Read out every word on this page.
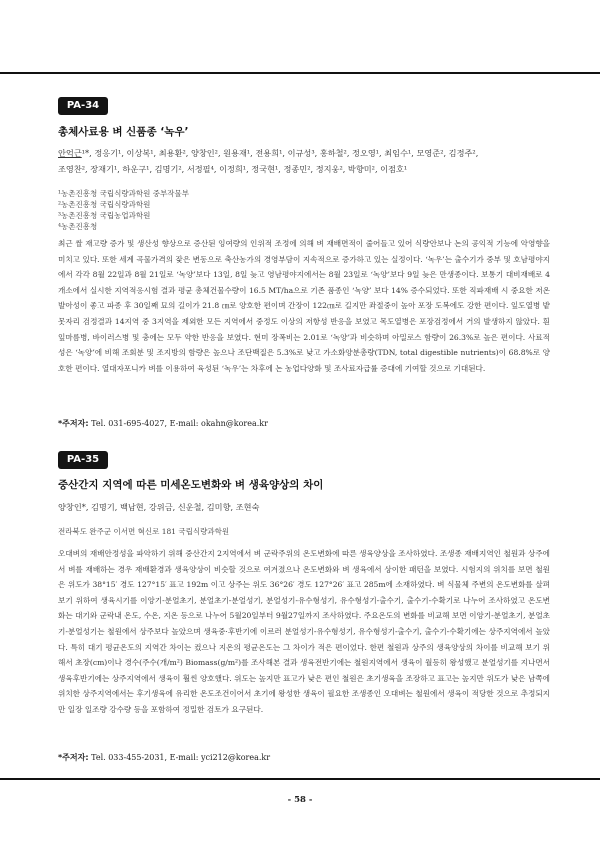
PA-34
총체사료용 벼 신품종 ‘녹우’
안억근¹*, 정응기¹, 이상복¹, 최용환², 양창인², 원용재¹, 전용희¹, 이규성³, 홍하철², 정오영¹, 최임수¹, 모영준², 김정주²,
조영찬², 장재기¹, 하운구¹, 김명기², 서정필⁴, 이정희¹, 정국현¹, 정종민², 정지웅², 박향미², 이점호¹
¹농촌진흥청 국립식량과학원 중부작물부
²농촌진흥청 국립식량과학원
³농촌진흥청 국립농업과학원
⁴농촌진흥청
최근 쌀 재고량 증가 및 생산성 향상으로 증산된 잉여량의 인위적 조정에 의해 벼 재배면적이 줄어들고 있어 식량안보나 논의 공익적 기능에 악영향을 미치고 있다. 또한 세계 곡물가격의 잦은 변동으로 축산농가의 경영부담이 지속적으로 증가하고 있는 실정이다. ‘녹우’는 출수기가 중부 및 호남평야지에서 각각 8월 22일과 8월 21일로 ‘녹양’보다 13일, 8일 늦고 영남평야지에서는 8월 23일로 ‘녹양’보다 9일 늦은 만생종이다. 보통기 대비재배로 4개소에서 실시한 지역적응시험 결과 평균 총체건물수량이 16.5 MT/ha으로 기존 품종인 ‘녹양’ 보다 14% 증수되었다. 또한 직파재배 시 중요한 저온발아성이 좋고 파종 후 30일째 묘의 길이가 21.8 ㎝로 양호한 편이며 간장이 122㎝로 길지만 좌절중이 높아 포장 도복에도 강한 편이다. 잎도열병 밭못자리 검정결과 14지역 중 3지역을 제외한 모든 지역에서 중정도 이상의 저항성 반응을 보였고 목도열병은 포장검정에서 거의 발생하지 않았다. 흰잎마름병, 바이러스병 및 충에는 모두 약한 반응을 보였다. 현미 장폭비는 2.01로 ‘녹양’과 비슷하며 아밀로스 함량이 26.3%로 높은 편이다. 사료적성은 ‘녹양’에 비해 조회분 및 조지방의 함량은 높으나 조단백질은 5.3%로 낮고 가소화양분총량(TDN, total digestible nutrients)이 68.8%로 양호한 편이다. 열대자포니카 벼를 이용하여 육성된 ‘녹우’는 차후에 논 농업다양화 및 조사료자급률 증대에 기여할 것으로 기대된다.
*주저자: Tel. 031-695-4027, E-mail: okahn@korea.kr
PA-35
중산간지 지역에 따른 미세온도변화와 벼 생육양상의 차이
양창인*, 김명기, 백남현, 강위금, 신운철, 김미향, 조현숙
전라북도 완주군 이서면 혁신로 181 국립식량과학원
오대벼의 재배안정성을 파악하기 위해 중산간지 2지역에서 벼 군락주위의 온도변화에 따른 생육양상을 조사하였다. 조생종 재배지역인 철원과 상주에서 벼를 재배하는 경우 재배환경과 생육양상이 비슷할 것으로 여겨졌으나 온도변화와 벼 생육에서 상이한 패턴을 보였다. 시험지의 위치를 보면 철원은 위도가 38°15′ 경도 127°15′ 표고 192m 이고 상주는 위도 36°26′ 경도 127°26′ 표고 285m에 소재하였다. 벼 식물체 주변의 온도변화를 살펴보기 위하여 생육시기를 이앙기-분얼초기, 분얼초기-분얼성기, 분얼성기-유수형성기, 유수형성기-출수기, 출수기-수확기로 나누어 조사하였고 온도변화는 대기와 군락내 온도, 수온, 지온 등으로 나누어 5월20일부터 9월27일까지 조사하였다. 주요온도의 변화를 비교해 보면 이앙기-분얼초기, 분얼초기-분얼성기는 철원에서 상주보다 높았으며 생육중·후반기에 이르러 분얼성기-유수형성기, 유수형성기-출수기, 출수기-수확기에는 상주지역에서 높았다. 특히 대기 평균온도의 지역간 차이는 컸으나 지온의 평균온도는 그 차이가 적은 편이었다. 한편 철원과 상주의 생육양상의 차이를 비교해 보기 위해서 초장(cm)이나 경수(주수(개/m²) Biomass(g/m²)를 조사해본 결과 생육전반기에는 철원지역에서 생육이 월등히 왕성했고 분얼성기를 지나면서 생육후반기에는 상주지역에서 생육이 훨씬 양호했다. 위도는 높지만 표고가 낮은 편인 철원은 초기생육을 조장하고 표고는 높지만 위도가 낮은 남쪽에 위치한 상주지역에서는 후기생육에 유리한 온도조건이어서 초기에 왕성한 생육이 필요한 조생종인 오대벼는 철원에서 생육이 적당한 것으로 추정되지만 일장 일조량 강수량 등을 포함하여 정밀한 검토가 요구된다.
*주저자: Tel. 033-455-2031, E-mail: yci212@korea.kr
- 58 -
